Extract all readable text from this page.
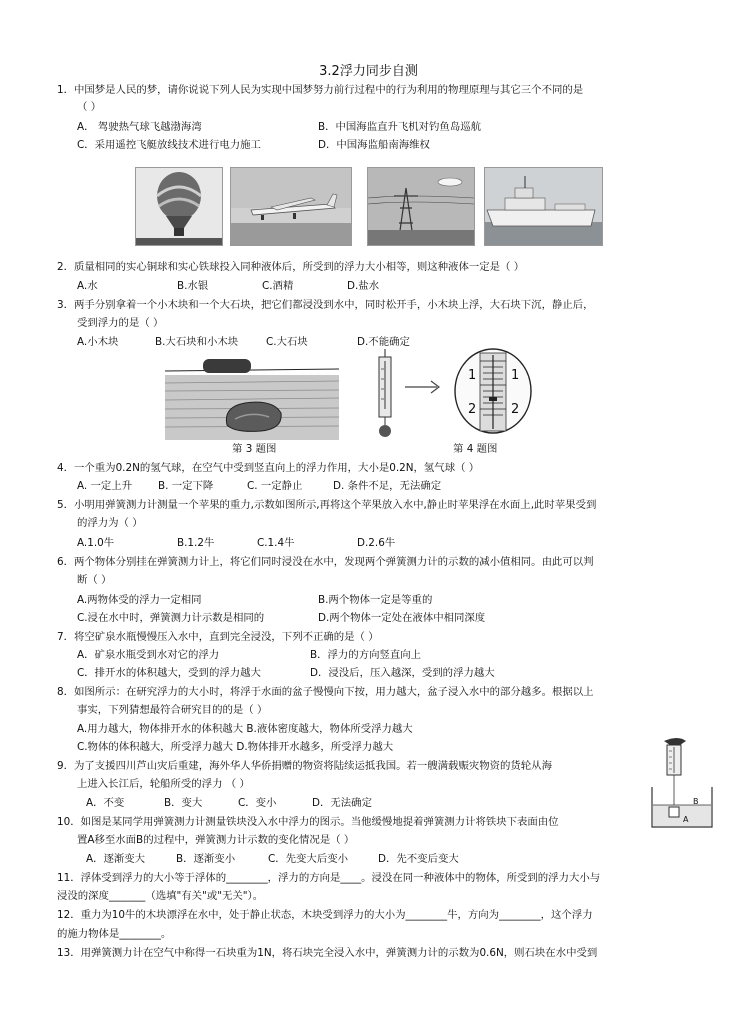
3.2浮力同步自测
1．中国梦是人民的梦，请你说说下列人民为实现中国梦努力前行过程中的行为利用的物理原理与其它三个不同的是
（ ）
A． 驾驶热气球飞越渤海湾	B．中国海监直升飞机对钓鱼岛巡航
C．采用遥控飞艇放线技术进行电力施工	D．中国海监船南海维权
2．质量相同的实心铜球和实心铁球投入同种液体后，所受到的浮力大小相等，则这种液体一定是（ ）
A.水	B.水银	C.酒精	D.盐水
3．两手分别拿着一个小木块和一个大石块，把它们都浸没到水中，同时松开手，小木块上浮，大石块下沉，静止后，
受到浮力的是（ ）
A.小木块	B.大石块和小木块	C.大石块	D.不能确定
1	1
2	2
第 3 题图	第 4 题图
4．一个重为0.2N的氢气球，在空气中受到竖直向上的浮力作用，大小是0.2N，氢气球（ ）
A. 一定上升 B. 一定下降	C. 一定静止	D. 条件不足，无法确定
5．小明用弹簧测力计测量一个苹果的重力,示数如图所示,再将这个苹果放入水中,静止时苹果浮在水面上,此时苹果受到
的浮力为（ ）
A.1.0牛	B.1.2牛	C.1.4牛	D.2.6牛
6．两个物体分别挂在弹簧测力计上，将它们同时浸没在水中，发现两个弹簧测力计的示数的减小值相同。由此可以判
断（ ）
A.两物体受的浮力一定相同	B.两个物体一定是等重的
C.浸在水中时，弹簧测力计示数是相同的	D.两个物体一定处在液体中相同深度
7．将空矿泉水瓶慢慢压入水中，直到完全浸没，下列不正确的是（ ）
A．矿泉水瓶受到水对它的浮力	B．浮力的方向竖直向上
C．排开水的体积越大，受到的浮力越大	D．浸没后，压入越深，受到的浮力越大
8．如图所示：在研究浮力的大小时，将浮于水面的盆子慢慢向下按，用力越大，盆子浸入水中的部分越多。根据以上
事实，下列猜想最符合研究目的的是（ ）
A.用力越大，物体排开水的体积越大 B.液体密度越大，物体所受浮力越大
C.物体的体积越大，所受浮力越大 D.物体排开水越多，所受浮力越大
B
A
9．为了支援四川芦山灾后重建，海外华人华侨捐赠的物资将陆续运抵我国。若一艘满载赈灾物资的货轮从海
上进入长江后，轮船所受的浮力 （ ）
A．不变	B．变大	C．变小	D．无法确定
10．如图是某同学用弹簧测力计测量铁块没入水中浮力的图示。当他缓慢地提着弹簧测力计将铁块下表面由位
置A移至水面B的过程中，弹簧测力计示数的变化情况是（ ）
A．逐渐变大	B．逐渐变小	C．先变大后变小	D．先不变后变大
11．浮体受到浮力的大小等于浮体的________，浮力的方向是____。浸没在同一种液体中的物体，所受到的浮力大小与
浸没的深度_______（选填"有关"或"无关"）。
12．重力为10牛的木块漂浮在水中，处于静止状态，木块受到浮力的大小为________牛，方向为________，这个浮力
的施力物体是________。
13．用弹簧测力计在空气中称得一石块重为1N，将石块完全浸入水中，弹簧测力计的示数为0.6N，则石块在水中受到
